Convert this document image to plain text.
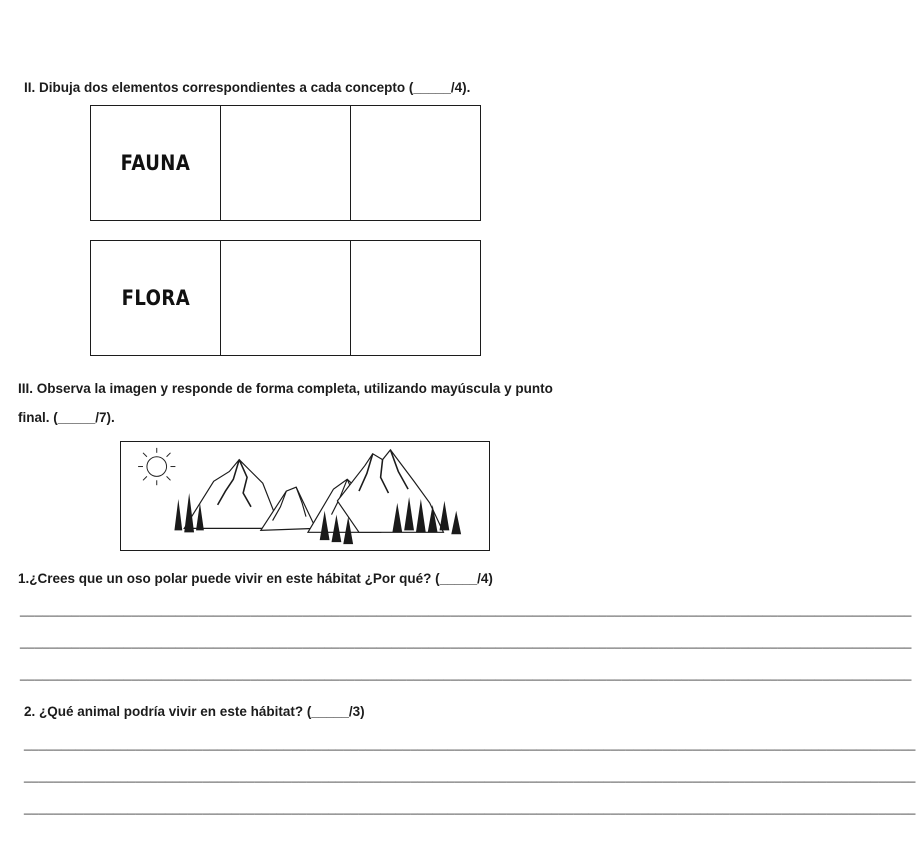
II. Dibuja dos elementos correspondientes a cada concepto (_____/4).

FAUNA
FLORA

III. Observa la imagen y responde de forma completa, utilizando mayúscula y punto

final. (_____/7).

1.¿Crees que un oso polar puede vivir en este hábitat ¿Por qué? (_____/4)

________________________________________________________________________________________________________________________
________________________________________________________________________________________________________________________
________________________________________________________________________________________________________________________

2. ¿Qué animal podría vivir en este hábitat? (_____/3)

________________________________________________________________________________________________________________________
________________________________________________________________________________________________________________________
________________________________________________________________________________________________________________________
